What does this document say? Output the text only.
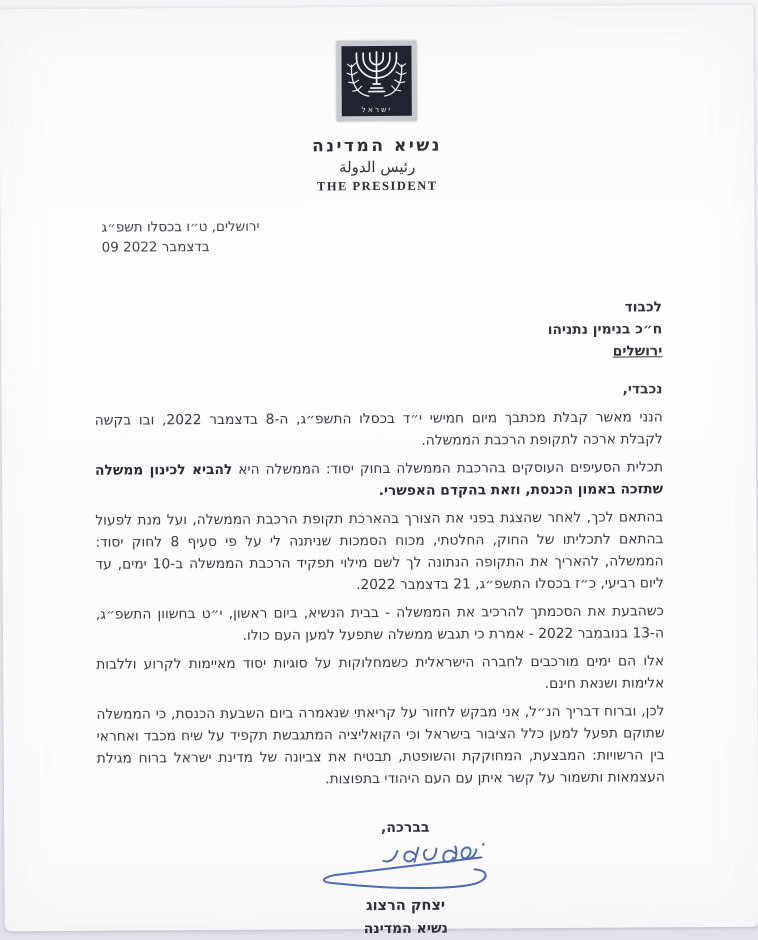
ישראל
נשיא המדינה
رئيس الدولة
THE PRESIDENT
ירושלים, ט״ו בכסלו תשפ״ג
09 בדצמבר 2022
לכבוד
ח״כ בנימין נתניהו
ירושלים

נכבדי,

הנני מאשר קבלת מכתבך מיום חמישי י״ד בכסלו התשפ״ג, ה-8 בדצמבר 2022, ובו בקשה לקבלת ארכה לתקופת הרכבת הממשלה.

תכלית הסעיפים העוסקים בהרכבת הממשלה בחוק יסוד: הממשלה היא להביא לכינון ממשלה שתזכה באמון הכנסת, וזאת בהקדם האפשרי.

בהתאם לכך, לאחר שהצגת בפני את הצורך בהארכת תקופת הרכבת הממשלה, ועל מנת לפעול בהתאם לתכליתו של החוק, החלטתי, מכוח הסמכות שניתנה לי על פי סעיף 8 לחוק יסוד: הממשלה, להאריך את התקופה הנתונה לך לשם מילוי תפקיד הרכבת הממשלה ב-10 ימים, עד ליום רביעי, כ״ז בכסלו התשפ״ג, 21 בדצמבר 2022.

כשהבעת את הסכמתך להרכיב את הממשלה - בבית הנשיא, ביום ראשון, י״ט בחשוון התשפ״ג, ה-13 בנובמבר 2022 - אמרת כי תגבש ממשלה שתפעל למען העם כולו.

אלו הם ימים מורכבים לחברה הישראלית כשמחלוקות על סוגיות יסוד מאיימות לקרוע וללבות אלימות ושנאת חינם.

לכן, וברוח דבריך הנ״ל, אני מבקש לחזור על קריאתי שנאמרה ביום השבעת הכנסת, כי הממשלה שתוקם תפעל למען כלל הציבור בישראל וכי הקואליציה המתגבשת תקפיד על שיח מכבד ואחראי בין הרשויות: המבצעת, המחוקקת והשופטת, תבטיח את צביונה של מדינת ישראל ברוח מגילת העצמאות ותשמור על קשר איתן עם העם היהודי בתפוצות.

בברכה,
יצחק הרצוג
נשיא המדינה
